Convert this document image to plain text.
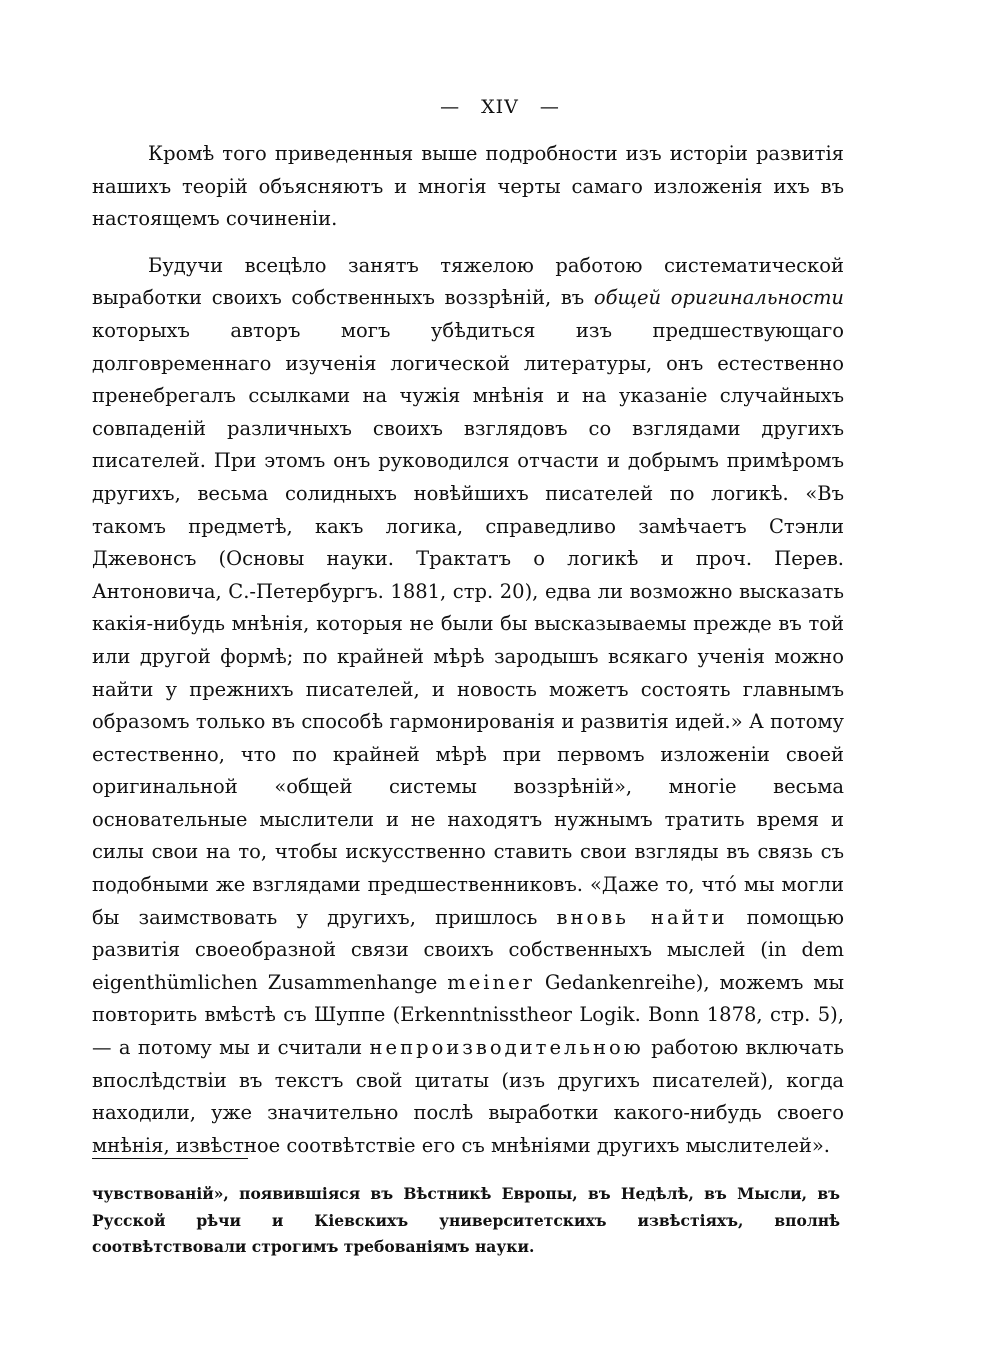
— XIV —

Кромѣ того приведенныя выше подробности изъ исторіи развитія нашихъ теорій объясняютъ и многія черты самаго изложенія ихъ въ настоящемъ сочиненіи.

Будучи всецѣло занятъ тяжелою работою систематической выработки своихъ собственныхъ воззрѣній, въ общей оригинальности которыхъ авторъ могъ убѣдиться изъ предшествующаго долговременнаго изученія логической литературы, онъ естественно пренебрегалъ ссылками на чужія мнѣнія и на указаніе случайныхъ совпаденій различныхъ своихъ взглядовъ со взглядами другихъ писателей. При этомъ онъ руководился отчасти и добрымъ примѣромъ другихъ, весьма солидныхъ новѣйшихъ писателей по логикѣ. «Въ такомъ предметѣ, какъ логика, справедливо замѣчаетъ Стэнли Джевонсъ (Основы науки. Трактатъ о логикѣ и проч. Перев. Антоновича, С.-Петербургъ. 1881, стр. 20), едва ли возможно высказать какія-нибудь мнѣнія, которыя не были бы высказываемы прежде въ той или другой формѣ; по крайней мѣрѣ зародышъ всякаго ученія можно найти у прежнихъ писателей, и новость можетъ состоять главнымъ образомъ только въ способѣ гармонированія и развитія идей.» А потому естественно, что по крайней мѣрѣ при первомъ изложеніи своей оригинальной «общей системы воззрѣній», многіе весьма основательные мыслители и не находятъ нужнымъ тратить время и силы свои на то, чтобы искусственно ставить свои взгляды въ связь съ подобными же взглядами предшественниковъ. «Даже то, чтó мы могли бы заимствовать у другихъ, пришлось вновь найти помощью развитія своеобразной связи своихъ собственныхъ мыслей (in dem eigenthümlichen Zusammenhange meiner Gedankenreihe), можемъ мы повторить вмѣстѣ съ Шуппе (Erkenntnisstheor Logik. Bonn 1878, стр. 5), — а потому мы и считали непроизводительною работою включать впослѣдствіи въ текстъ свой цитаты (изъ другихъ писателей), когда находили, уже значительно послѣ выработки какого-нибудь своего мнѣнія, извѣстное соотвѣтствіе его съ мнѣніями другихъ мыслителей».

чувствованій», появившіяся въ Вѣстникѣ Европы, въ Недѣлѣ, въ Мысли, въ Русской рѣчи и Кіевскихъ университетскихъ извѣстіяхъ, вполнѣ соотвѣтствовали строгимъ требованіямъ науки.
